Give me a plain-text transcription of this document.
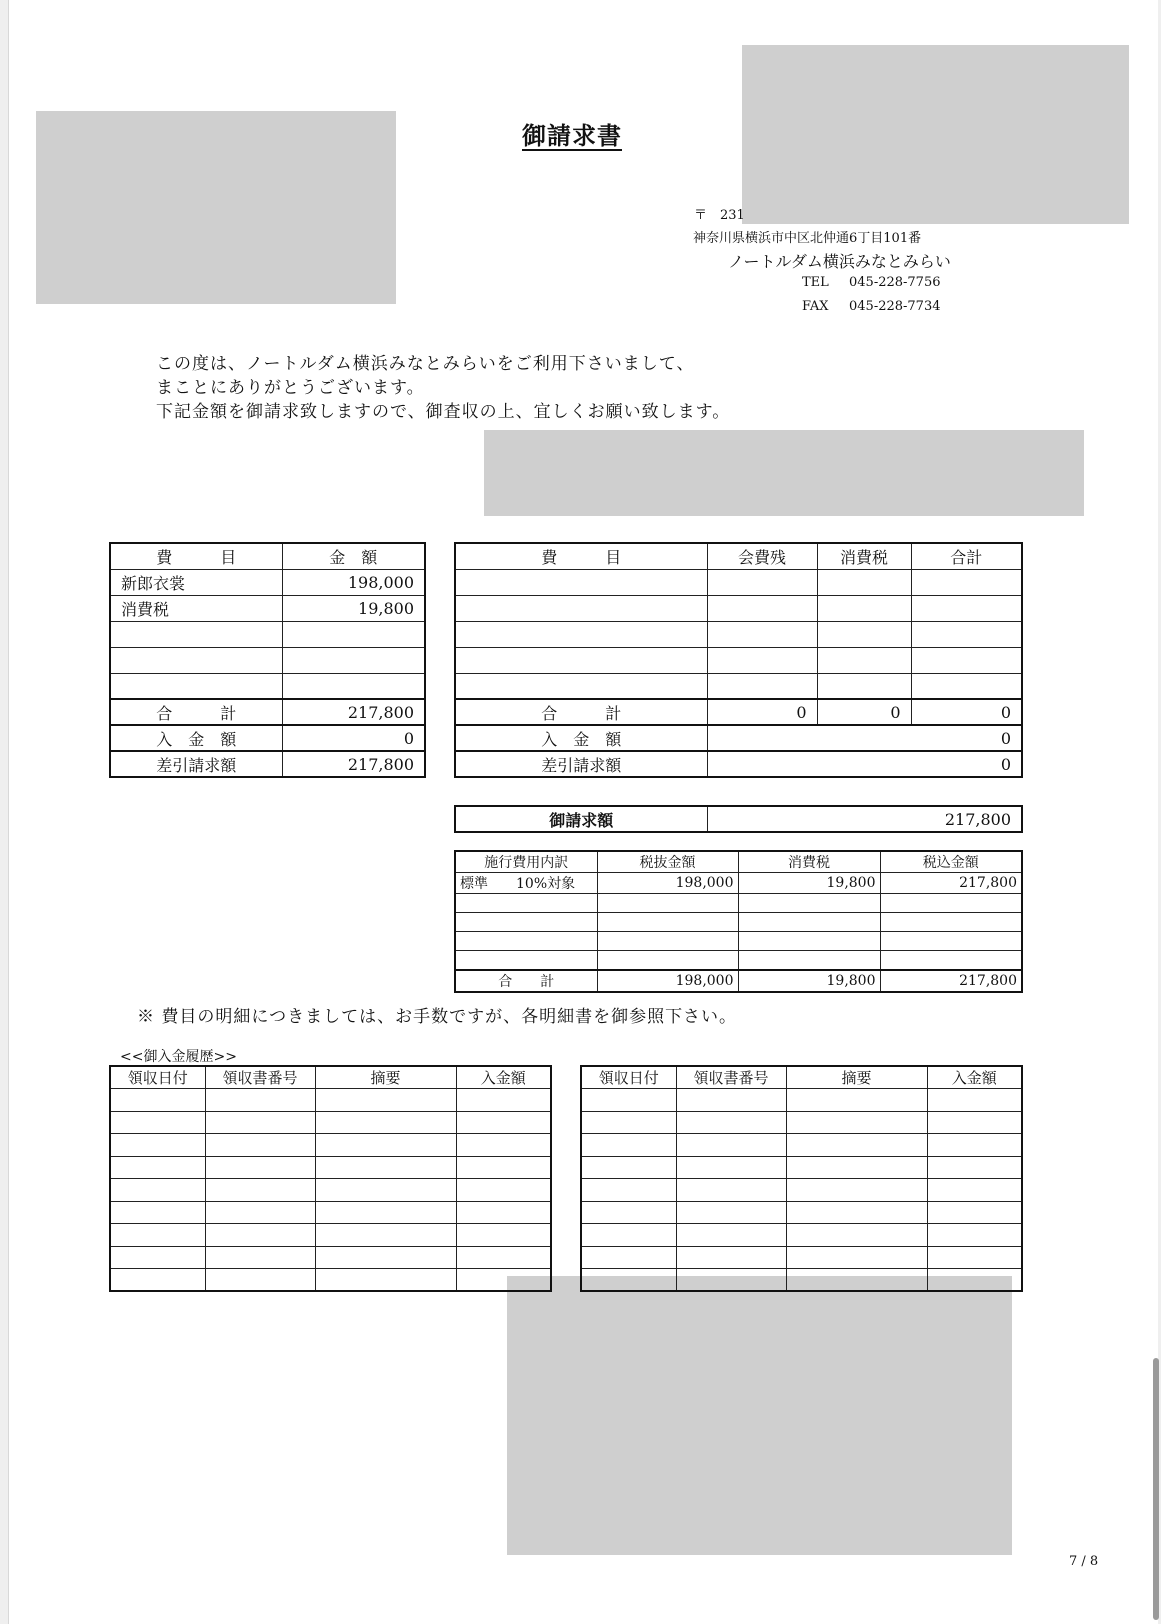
御請求書
〒　231
神奈川県横浜市中区北仲通6丁目101番
ノートルダム横浜みなとみらい
TEL 045-228-7756
FAX 045-228-7734
この度は、ノートルダム横浜みなとみらいをご利用下さいまして、
まことにありがとうございます。
下記金額を御請求致しますので、御査収の上、宜しくお願い致します。
費　　　目	金　額
新郎衣裳	198,000
消費税	19,800

合　　　計	217,800
入　金　額	0
差引請求額	217,800
費　　　目	会費残	消費税	合計

合　　　計	0	0	0
入　金　額	0		
差引請求額	0		
御請求額	217,800
施行費用内訳	税抜金額	消費税	税込金額
標準　　10%対象	198,000	19,800	217,800

合　　計	198,000	19,800	217,800
※ 費目の明細につきましては、お手数ですが、各明細書を御参照下さい。
<<御入金履歴>>
領収日付	領収書番号	摘要	入金額

				領収日付	領収書番号	摘要	入金額

7 / 8
